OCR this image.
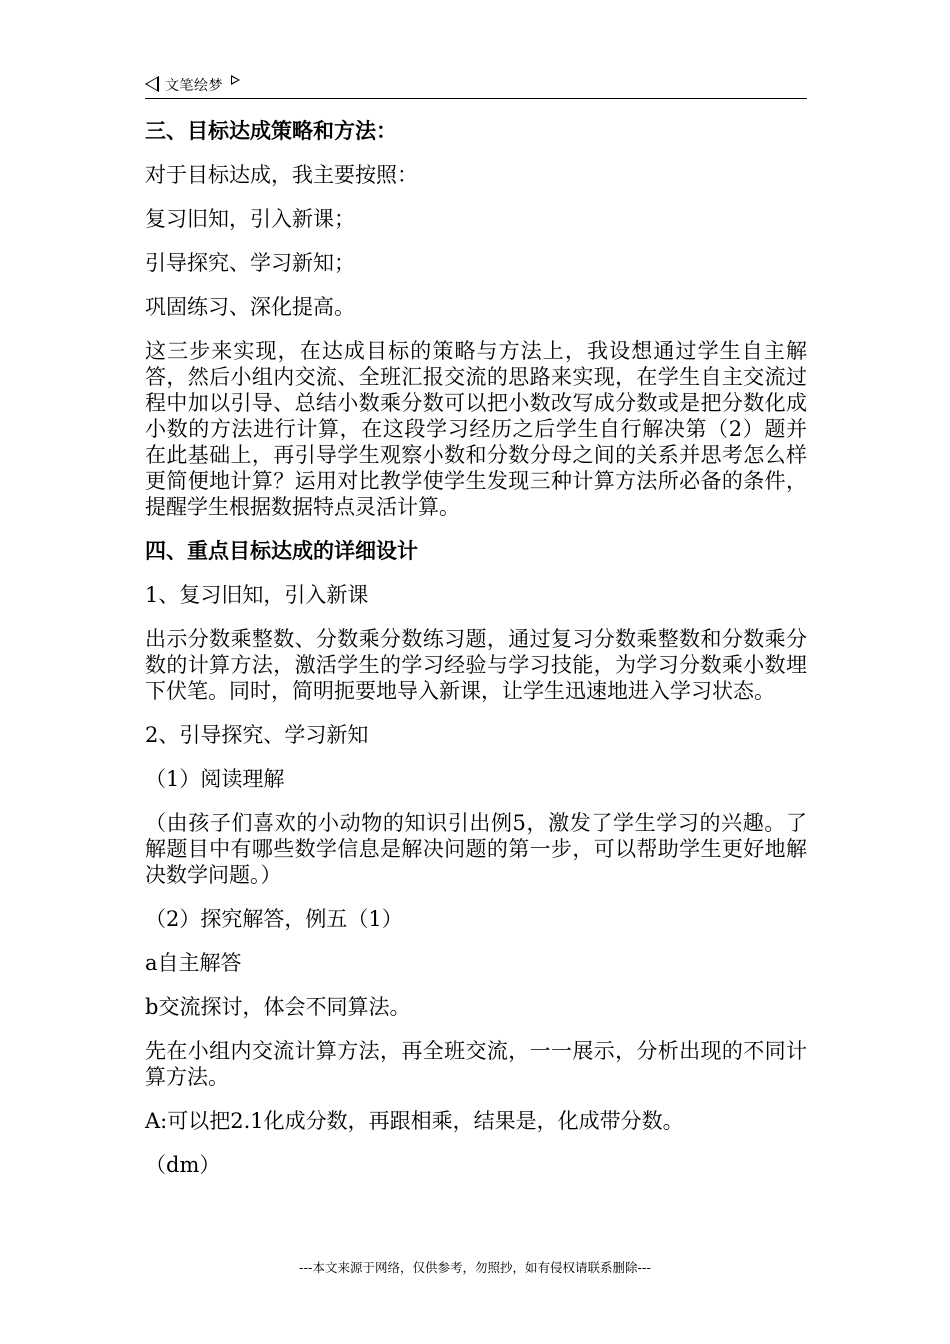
文笔绘梦
三、目标达成策略和方法：
对于目标达成，我主要按照：
复习旧知，引入新课；
引导探究、学习新知；
巩固练习、深化提高。
这三步来实现，在达成目标的策略与方法上，我设想通过学生自主解答，然后小组内交流、全班汇报交流的思路来实现，在学生自主交流过程中加以引导、总结小数乘分数可以把小数改写成分数或是把分数化成小数的方法进行计算，在这段学习经历之后学生自行解决第（2）题并在此基础上，再引导学生观察小数和分数分母之间的关系并思考怎么样更简便地计算？运用对比教学使学生发现三种计算方法所必备的条件，提醒学生根据数据特点灵活计算。
四、重点目标达成的详细设计
1、复习旧知，引入新课
出示分数乘整数、分数乘分数练习题，通过复习分数乘整数和分数乘分数的计算方法，激活学生的学习经验与学习技能，为学习分数乘小数埋下伏笔。同时，简明扼要地导入新课，让学生迅速地进入学习状态。
2、引导探究、学习新知
（1）阅读理解
（由孩子们喜欢的小动物的知识引出例5，激发了学生学习的兴趣。了解题目中有哪些数学信息是解决问题的第一步，可以帮助学生更好地解决数学问题。）
（2）探究解答，例五（1）
a自主解答
b交流探讨，体会不同算法。
先在小组内交流计算方法，再全班交流，一一展示，分析出现的不同计算方法。
A:可以把2.1化成分数，再跟相乘，结果是，化成带分数。
（dm）
---本文来源于网络，仅供参考，勿照抄，如有侵权请联系删除---
